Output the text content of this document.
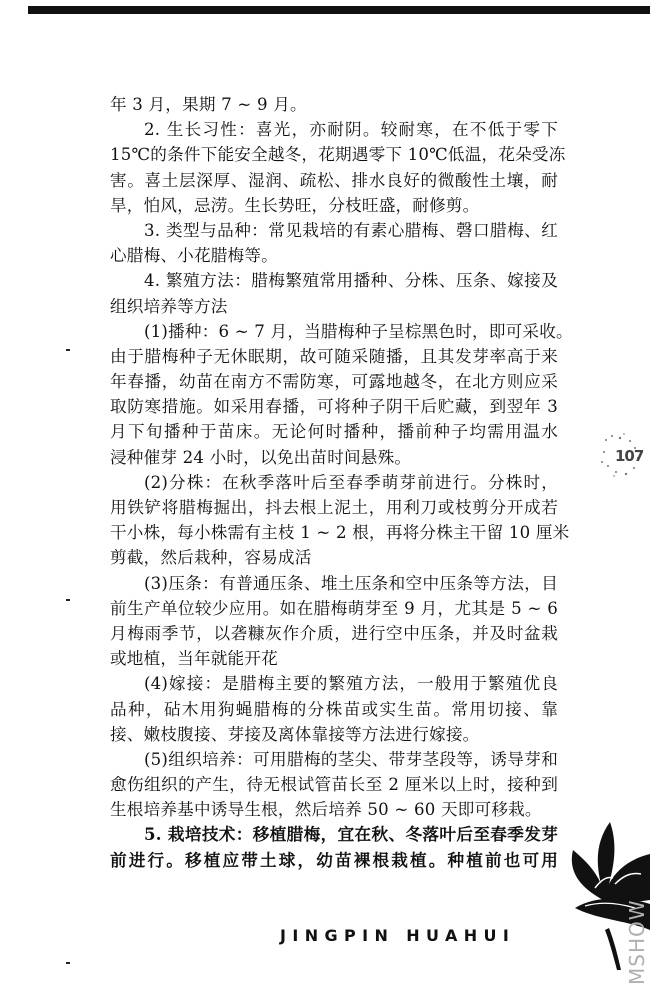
年 3 月，果期 7 ~ 9 月。
2. 生长习性：喜光，亦耐阴。较耐寒，在不低于零下
15℃的条件下能安全越冬，花期遇零下 10℃低温，花朵受冻
害。喜土层深厚、湿润、疏松、排水良好的微酸性土壤，耐
旱，怕风，忌涝。生长势旺，分枝旺盛，耐修剪。
3. 类型与品种：常见栽培的有素心腊梅、磬口腊梅、红
心腊梅、小花腊梅等。
4. 繁殖方法：腊梅繁殖常用播种、分株、压条、嫁接及
组织培养等方法
(1)播种：6 ~ 7 月，当腊梅种子呈棕黑色时，即可采收。
由于腊梅种子无休眠期，故可随采随播，且其发芽率高于来
年春播，幼苗在南方不需防寒，可露地越冬，在北方则应采
取防寒措施。如采用春播，可将种子阴干后贮藏，到翌年 3
月下旬播种于苗床。无论何时播种，播前种子均需用温水
浸种催芽 24 小时，以免出苗时间悬殊。
(2)分株：在秋季落叶后至春季萌芽前进行。分株时，
用铁铲将腊梅掘出，抖去根上泥土，用利刀或枝剪分开成若
干小株，每小株需有主枝 1 ~ 2 根，再将分株主干留 10 厘米
剪截，然后栽种，容易成活
(3)压条：有普通压条、堆土压条和空中压条等方法，目
前生产单位较少应用。如在腊梅萌芽至 9 月，尤其是 5 ~ 6
月梅雨季节，以砻糠灰作介质，进行空中压条，并及时盆栽
或地植，当年就能开花
(4)嫁接：是腊梅主要的繁殖方法，一般用于繁殖优良
品种，砧木用狗蝇腊梅的分株苗或实生苗。常用切接、靠
接、嫩枝腹接、芽接及离体靠接等方法进行嫁接。
(5)组织培养：可用腊梅的茎尖、带芽茎段等，诱导芽和
愈伤组织的产生，待无根试管苗长至 2 厘米以上时，接种到
生根培养基中诱导生根，然后培养 50 ~ 60 天即可移栽。
5. 栽培技术：移植腊梅，宜在秋、冬落叶后至春季发芽
前进行。移植应带土球，幼苗裸根栽植。种植前也可用
107
JINGPIN HUAHUI	MSHOW
